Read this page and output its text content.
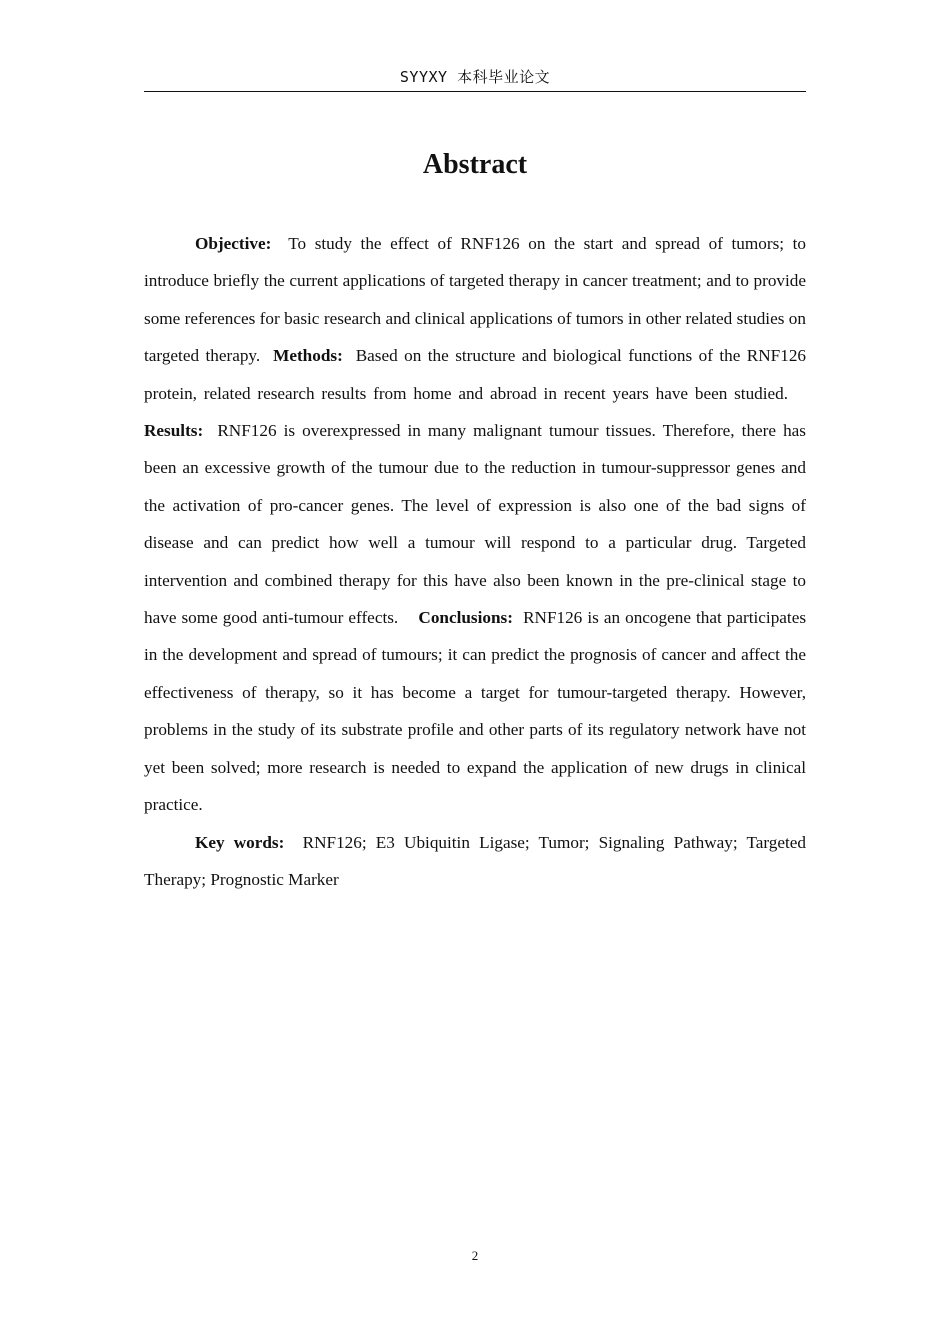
SYYXY 本科毕业论文
Abstract

Objective: To study the effect of RNF126 on the start and spread of tumors; to introduce briefly the current applications of targeted therapy in cancer treatment; and to provide some references for basic research and clinical applications of tumors in other related studies on targeted therapy. Methods: Based on the structure and biological functions of the RNF126 protein, related research results from home and abroad in recent years have been studied.    Results: RNF126 is overexpressed in many malignant tumour tissues. Therefore, there has been an excessive growth of the tumour due to the reduction in tumour-suppressor genes and the activation of pro-cancer genes. The level of expression is also one of the bad signs of disease and can predict how well a tumour will respond to a particular drug. Targeted intervention and combined therapy for this have also been known in the pre-clinical stage to have some good anti-tumour effects. Conclusions: RNF126 is an oncogene that participates in the development and spread of tumours; it can predict the prognosis of cancer and affect the effectiveness of therapy, so it has become a target for tumour-targeted therapy. However, problems in the study of its substrate profile and other parts of its regulatory network have not yet been solved; more research is needed to expand the application of new drugs in clinical practice.

Key words: RNF126; E3 Ubiquitin Ligase; Tumor; Signaling Pathway; Targeted Therapy; Prognostic Marker

2
